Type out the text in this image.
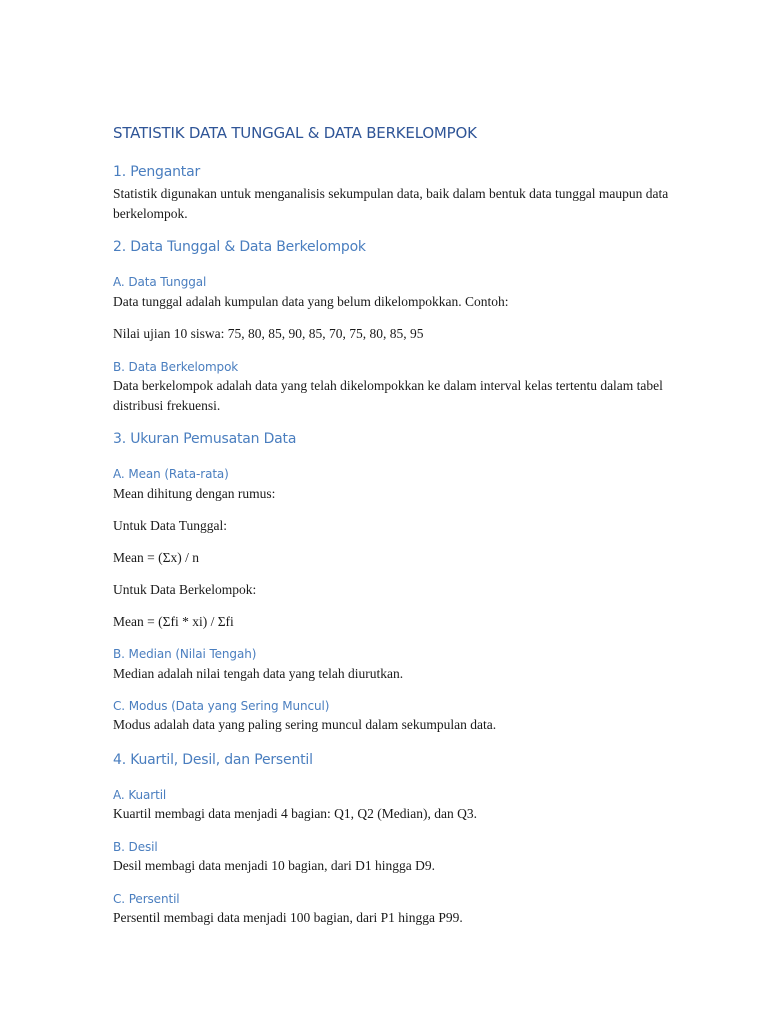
STATISTIK DATA TUNGGAL & DATA BERKELOMPOK
1. Pengantar

Statistik digunakan untuk menganalisis sekumpulan data, baik dalam bentuk data tunggal maupun data berkelompok.

2. Data Tunggal & Data Berkelompok
A. Data Tunggal

Data tunggal adalah kumpulan data yang belum dikelompokkan. Contoh:

Nilai ujian 10 siswa: 75, 80, 85, 90, 85, 70, 75, 80, 85, 95

B. Data Berkelompok

Data berkelompok adalah data yang telah dikelompokkan ke dalam interval kelas tertentu dalam tabel distribusi frekuensi.

3. Ukuran Pemusatan Data
A. Mean (Rata-rata)

Mean dihitung dengan rumus:

Untuk Data Tunggal:

Mean = (Σx) / n

Untuk Data Berkelompok:

Mean = (Σfi * xi) / Σfi

B. Median (Nilai Tengah)

Median adalah nilai tengah data yang telah diurutkan.

C. Modus (Data yang Sering Muncul)

Modus adalah data yang paling sering muncul dalam sekumpulan data.

4. Kuartil, Desil, dan Persentil
A. Kuartil

Kuartil membagi data menjadi 4 bagian: Q1, Q2 (Median), dan Q3.

B. Desil

Desil membagi data menjadi 10 bagian, dari D1 hingga D9.

C. Persentil

Persentil membagi data menjadi 100 bagian, dari P1 hingga P99.
